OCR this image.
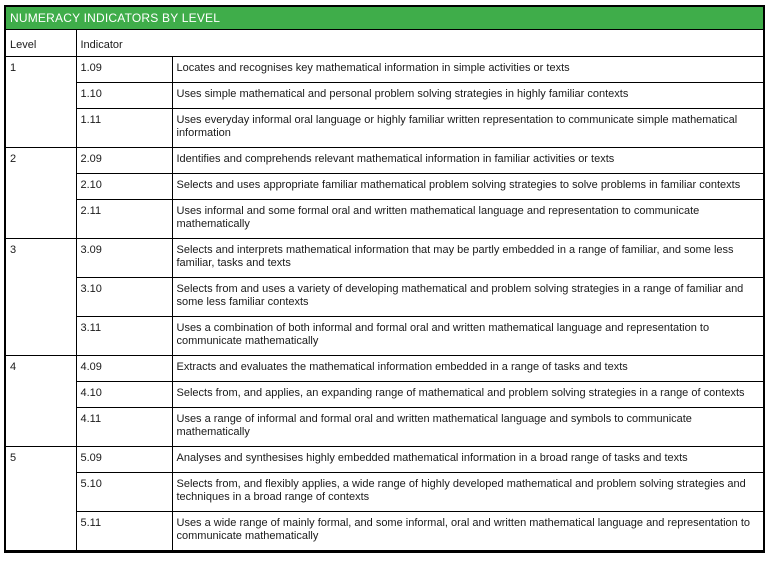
NUMERACY INDICATORS BY LEVEL		
Level	Indicator	
1	1.09	Locates and recognises key mathematical information in simple activities or texts
	1.10	Uses simple mathematical and personal problem solving strategies in highly familiar contexts
	1.11	Uses everyday informal oral language or highly familiar written representation to communicate simple mathematical information
2	2.09	Identifies and comprehends relevant mathematical information in familiar activities or texts
	2.10	Selects and uses appropriate familiar mathematical problem solving strategies to solve problems in familiar contexts
	2.11	Uses informal and some formal oral and written mathematical language and representation to communicate mathematically
3	3.09	Selects and interprets mathematical information that may be partly embedded in a range of familiar, and some less familiar, tasks and texts
	3.10	Selects from and uses a variety of developing mathematical and problem solving strategies in a range of familiar and some less familiar contexts
	3.11	Uses a combination of both informal and formal oral and written mathematical language and representation to communicate mathematically
4	4.09	Extracts and evaluates the mathematical information embedded in a range of tasks and texts
	4.10	Selects from, and applies, an expanding range of mathematical and problem solving strategies in a range of contexts
	4.11	Uses a range of informal and formal oral and written mathematical language and symbols to communicate mathematically
5	5.09	Analyses and synthesises highly embedded mathematical information in a broad range of tasks and texts
	5.10	Selects from, and flexibly applies, a wide range of highly developed mathematical and problem solving strategies and techniques in a broad range of contexts
	5.11	Uses a wide range of mainly formal, and some informal, oral and written mathematical language and representation to communicate mathematically
